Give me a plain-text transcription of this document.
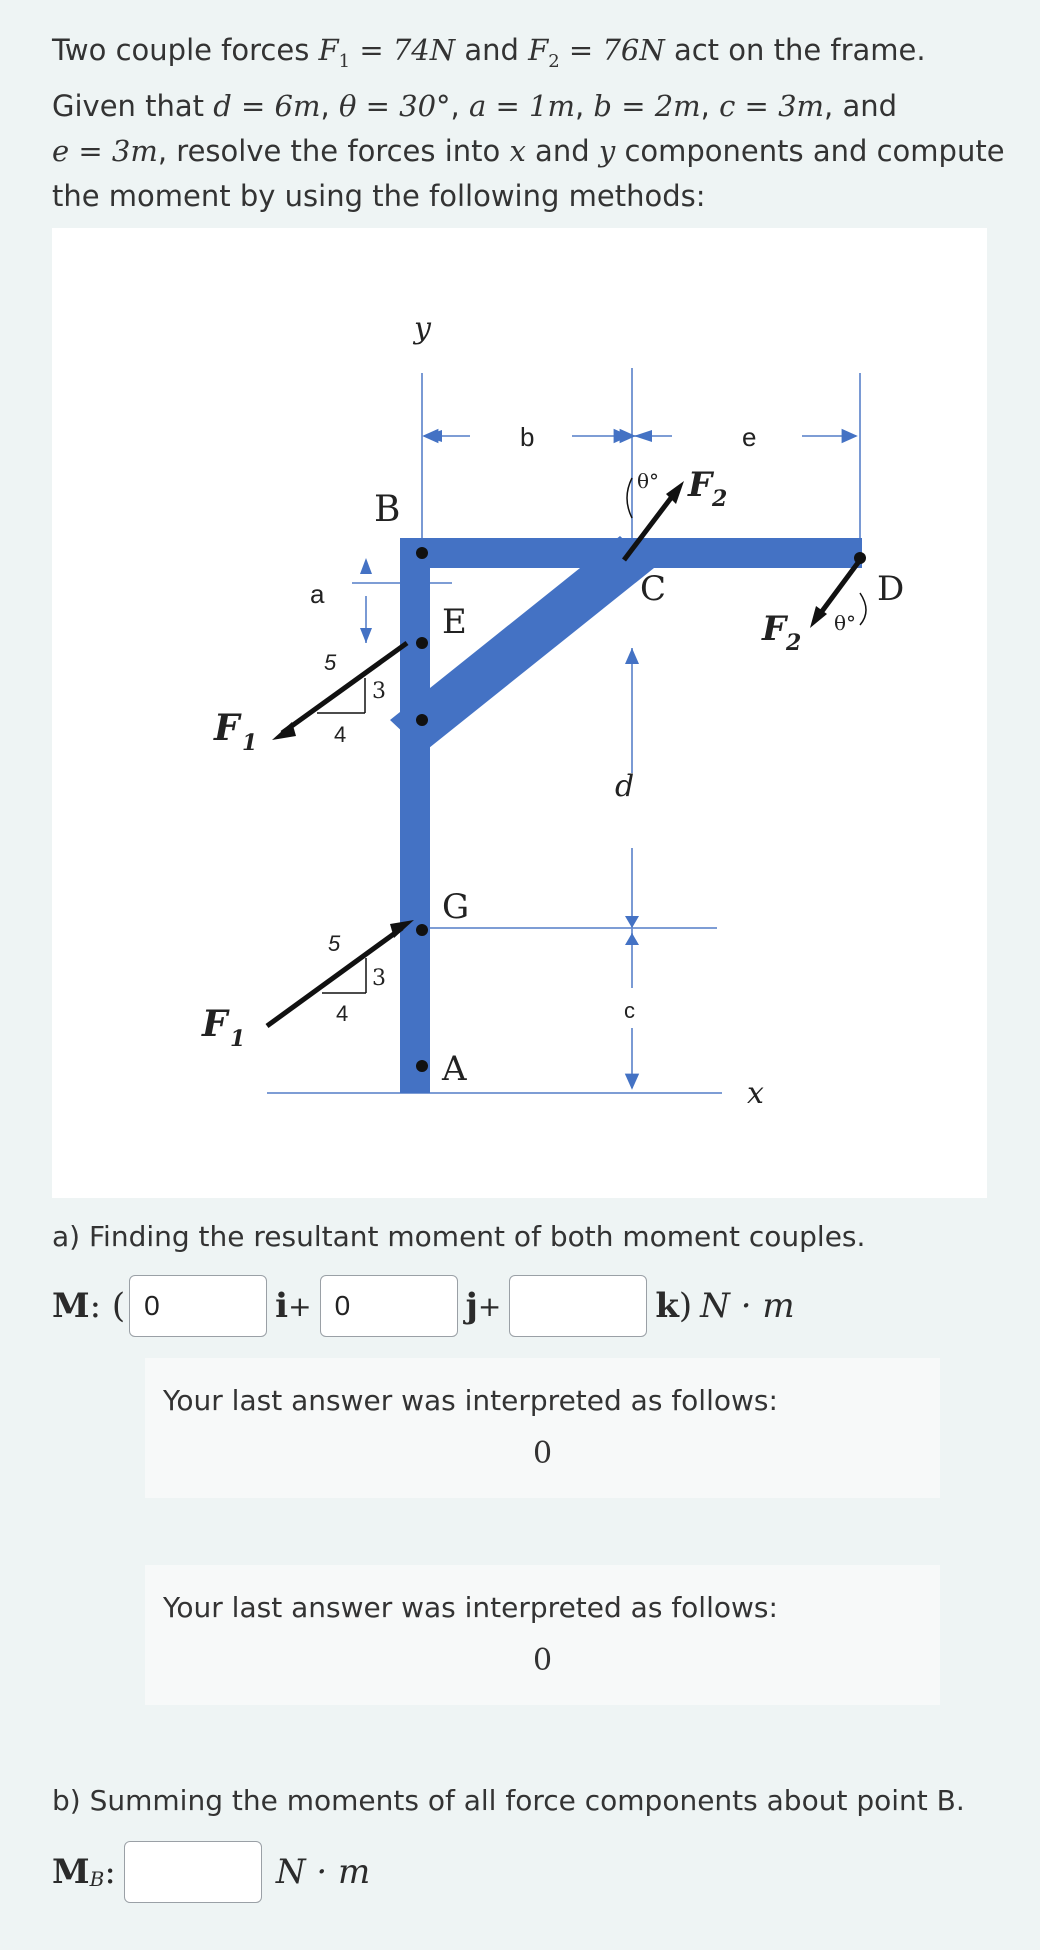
Two couple forces $F_1 = 74N$ and $F_2 = 76N$ act on the frame.
Given that d = 6m, θ = 30°, a = 1m, b = 2m, c = 3m, and
e = 3m, resolve the forces into x and y components and compute
the moment by using the following methods:
y
x
b	e
a
c
d
B
C	D
E
G
A
F 1
F 1
F 2
F 2
θ°
θ°
5
4
3
5
4
3
a) Finding the resultant moment of both moment couples.
M : (
0	i +
0	j +	k ) N · m
Your last answer was interpreted as follows:
0
Your last answer was interpreted as follows:
0
b) Summing the moments of all force components about point B.
$M_B$ :	N · m
